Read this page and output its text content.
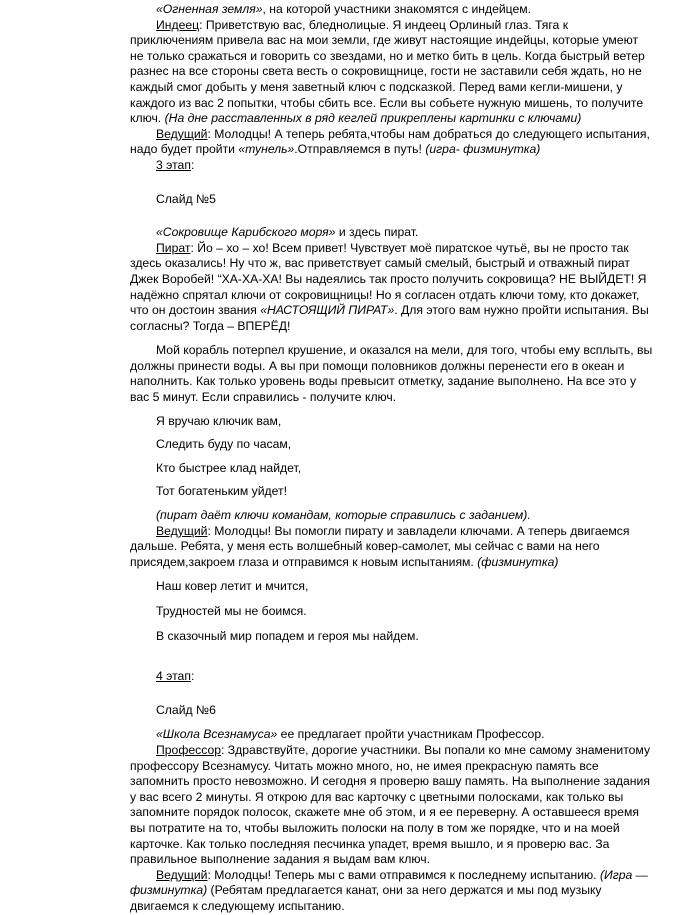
«Огненная земля», на которой участники знакомятся с индейцем.

Индеец: Приветствую вас, бледнолицые. Я индеец Орлиный глаз. Тяга к приключениям привела вас на мои земли, где живут настоящие индейцы, которые умеют не только сражаться и говорить со звездами, но и метко бить в цель. Когда быстрый ветер разнес на все стороны света весть о сокровищнице, гости не заставили себя ждать, но не каждый смог добыть у меня заветный ключ с подсказкой. Перед вами кегли-мишени, у каждого из вас 2 попытки, чтобы сбить все. Если вы собьете нужную мишень, то получите ключ. (На дне расставленных в ряд кеглей прикреплены картинки с ключами)

Ведущий: Молодцы! А теперь ребята,чтобы нам добраться до следующего испытания, надо будет пройти «тунель».Отправляемся в путь! (игра- физминутка)

3 этап:

Слайд №5

«Сокровище Карибского моря» и здесь пират.

Пират: Йо – хо – хо! Всем привет! Чувствует моё пиратское чутьё, вы не просто так здесь оказались! Ну что ж, вас приветствует самый смелый, быстрый и отважный пират Джек Воробей! “ХА-ХА-ХА! Вы надеялись так просто получить сокровища? НЕ ВЫЙДЕТ! Я надёжно спрятал ключи от сокровищницы! Но я согласен отдать ключи тому, кто докажет, что он достоин звания «НАСТОЯЩИЙ ПИРАТ». Для этого вам нужно пройти испытания. Вы согласны? Тогда – ВПЕРЁД!

Мой корабль потерпел крушение, и оказался на мели, для того, чтобы ему всплыть, вы должны принести воды. А вы при помощи половников должны перенести его в океан и наполнить. Как только уровень воды превысит отметку, задание выполнено. На все это у вас 5 минут. Если справились - получите ключ.

Я вручаю ключик вам,

Следить буду по часам,

Кто быстрее клад найдет,

Тот богатеньким уйдет!

(пират даёт ключи командам, которые справились с заданием).

Ведущий: Молодцы! Вы помогли пирату и завладели ключами. А теперь двигаемся дальше. Ребята, у меня есть волшебный ковер-самолет, мы сейчас с вами на него присядем,закроем глаза и отправимся к новым испытаниям. (физминутка)

Наш ковер летит и мчится,

Трудностей мы не боимся.

В сказочный мир попадем и героя мы найдем.

4 этап:

Слайд №6

«Школа Всезнамуса» ее предлагает пройти участникам Профессор.

Профессор: Здравствуйте, дорогие участники. Вы попали ко мне самому знаменитому профессору Всезнамусу. Читать можно много, но, не имея прекрасную память все запомнить просто невозможно. И сегодня я проверю вашу память. На выполнение задания у вас всего 2 минуты. Я открою для вас карточку с цветными полосками, как только вы запомните порядок полосок, скажете мне об этом, и я ее переверну. А оставшееся время вы потратите на то, чтобы выложить полоски на полу в том же порядке, что и на моей карточке. Как только последняя песчинка упадет, время вышло, и я проверю вас. За правильное выполнение задания я выдам вам ключ.

Ведущий: Молодцы! Теперь мы с вами отправимся к последнему испытанию. (Игра — физминутка) (Ребятам предлагается канат, они за него держатся и мы под музыку двигаемся к следующему испытанию.
